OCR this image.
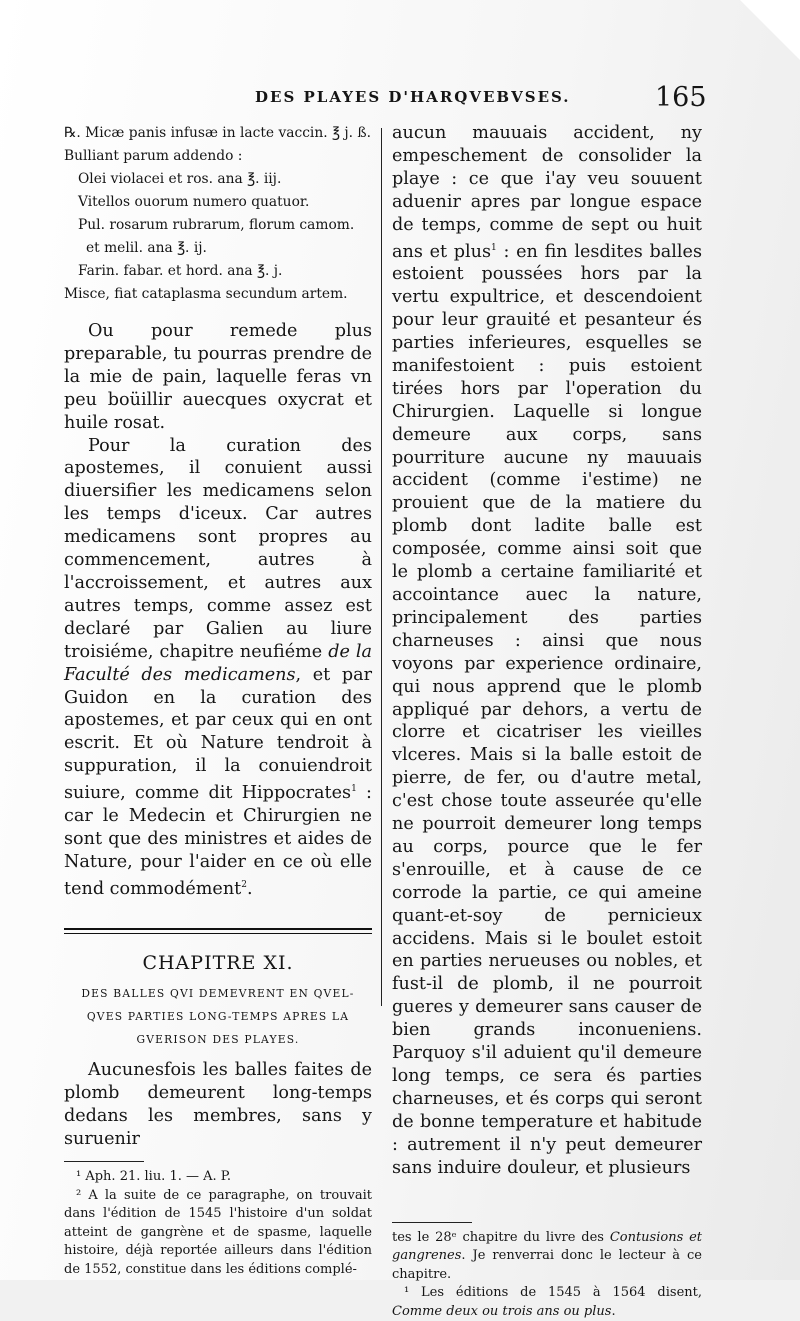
DES PLAYES D'HARQVEBVSES.	165

℞. Micæ panis infusæ in lacte vaccin. ℥ j. ß.

Bulliant parum addendo :

Olei violacei et ros. ana ℥. iij.

Vitellos ouorum numero quatuor.

Pul. rosarum rubrarum, florum camom.

et melil. ana ℥. ij.

Farin. fabar. et hord. ana ℥. j.

Misce, fiat cataplasma secundum artem.

Ou pour remede plus preparable, tu pourras prendre de la mie de pain, laquelle feras vn peu boüillir auecques oxycrat et huile rosat.

Pour la curation des apostemes, il conuient aussi diuersifier les medicamens selon les temps d'iceux. Car autres medicamens sont propres au commencement, autres à l'accroissement, et autres aux autres temps, comme assez est declaré par Galien au liure troisiéme, chapitre neufiéme de la Faculté des medicamens, et par Guidon en la curation des apostemes, et par ceux qui en ont escrit. Et où Nature tendroit à suppuration, il la conuiendroit suiure, comme dit Hippocrates$^1$ : car le Medecin et Chirurgien ne sont que des ministres et aides de Nature, pour l'aider en ce où elle tend commodément$^2$.

CHAPITRE XI.

DES BALLES QVI DEMEVRENT EN QVEL-

QVES PARTIES LONG-TEMPS APRES LA

GVERISON DES PLAYES.

Aucunesfois les balles faites de plomb demeurent long-temps dedans les membres, sans y suruenir

¹ Aph. 21. liu. 1. — A. P.

² A la suite de ce paragraphe, on trouvait dans l'édition de 1545 l'histoire d'un soldat atteint de gangrène et de spasme, laquelle histoire, déjà reportée ailleurs dans l'édition de 1552, constitue dans les éditions complé-

aucun mauuais accident, ny empeschement de consolider la playe : ce que i'ay veu souuent aduenir apres par longue espace de temps, comme de sept ou huit ans et plus$^1$ : en fin lesdites balles estoient poussées hors par la vertu expultrice, et descendoient pour leur grauité et pesanteur és parties inferieures, esquelles se manifestoient : puis estoient tirées hors par l'operation du Chirurgien. Laquelle si longue demeure aux corps, sans pourriture aucune ny mauuais accident (comme i'estime) ne prouient que de la matiere du plomb dont ladite balle est composée, comme ainsi soit que le plomb a certaine familiarité et accointance auec la nature, principalement des parties charneuses : ainsi que nous voyons par experience ordinaire, qui nous apprend que le plomb appliqué par dehors, a vertu de clorre et cicatriser les vieilles vlceres. Mais si la balle estoit de pierre, de fer, ou d'autre metal, c'est chose toute asseurée qu'elle ne pourroit demeurer long temps au corps, pource que le fer s'enrouille, et à cause de ce corrode la partie, ce qui ameine quant-et-soy de pernicieux accidens. Mais si le boulet estoit en parties nerueuses ou nobles, et fust-il de plomb, il ne pourroit gueres y demeurer sans causer de bien grands inconueniens. Parquoy s'il aduient qu'il demeure long temps, ce sera és parties charneuses, et és corps qui seront de bonne temperature et habitude : autrement il n'y peut demeurer sans induire douleur, et plusieurs

tes le 28ᵉ chapitre du livre des Contusions et gangrenes. Je renverrai donc le lecteur à ce chapitre.

¹ Les éditions de 1545 à 1564 disent, Comme deux ou trois ans ou plus.
